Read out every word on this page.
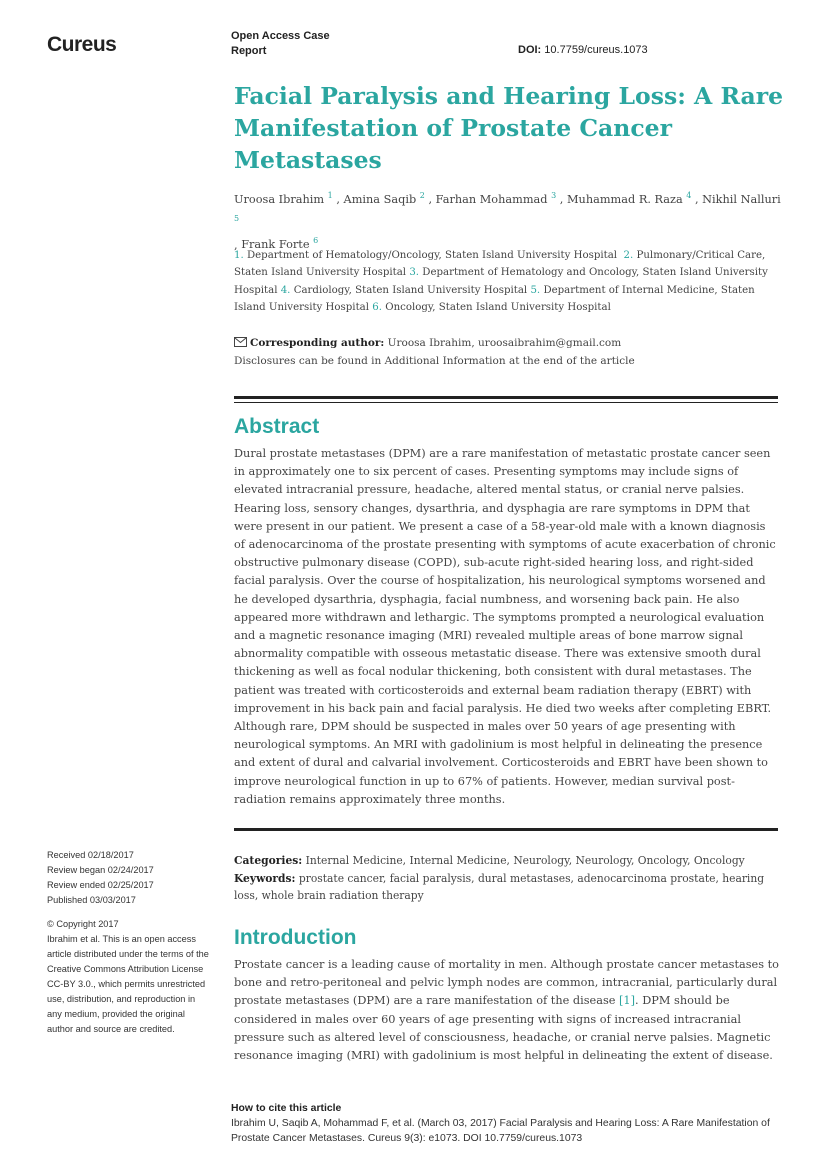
Cureus	Open Access Case Report	DOI: 10.7759/cureus.1073
Facial Paralysis and Hearing Loss: A Rare Manifestation of Prostate Cancer Metastases
Uroosa Ibrahim $^1$ , Amina Saqib $^2$ , Farhan Mohammad $^3$ , Muhammad R. Raza $^4$ , Nikhil Nalluri $^5$
, Frank Forte $^6$
1. Department of Hematology/Oncology, Staten Island University Hospital 2. Pulmonary/Critical Care, Staten Island University Hospital 3. Department of Hematology and Oncology, Staten Island University Hospital 4. Cardiology, Staten Island University Hospital 5. Department of Internal Medicine, Staten Island University Hospital 6. Oncology, Staten Island University Hospital
Corresponding author: Uroosa Ibrahim, uroosaibrahim@gmail.com
Disclosures can be found in Additional Information at the end of the article
Abstract
Dural prostate metastases (DPM) are a rare manifestation of metastatic prostate cancer seen in approximately one to six percent of cases. Presenting symptoms may include signs of elevated intracranial pressure, headache, altered mental status, or cranial nerve palsies. Hearing loss, sensory changes, dysarthria, and dysphagia are rare symptoms in DPM that were present in our patient. We present a case of a 58-year-old male with a known diagnosis of adenocarcinoma of the prostate presenting with symptoms of acute exacerbation of chronic obstructive pulmonary disease (COPD), sub-acute right-sided hearing loss, and right-sided facial paralysis. Over the course of hospitalization, his neurological symptoms worsened and he developed dysarthria, dysphagia, facial numbness, and worsening back pain. He also appeared more withdrawn and lethargic. The symptoms prompted a neurological evaluation and a magnetic resonance imaging (MRI) revealed multiple areas of bone marrow signal abnormality compatible with osseous metastatic disease. There was extensive smooth dural thickening as well as focal nodular thickening, both consistent with dural metastases. The patient was treated with corticosteroids and external beam radiation therapy (EBRT) with improvement in his back pain and facial paralysis. He died two weeks after completing EBRT. Although rare, DPM should be suspected in males over 50 years of age presenting with neurological symptoms. An MRI with gadolinium is most helpful in delineating the presence and extent of dural and calvarial involvement. Corticosteroids and EBRT have been shown to improve neurological function in up to 67% of patients. However, median survival post-radiation remains approximately three months.
Categories: Internal Medicine, Internal Medicine, Neurology, Neurology, Oncology, Oncology
Keywords: prostate cancer, facial paralysis, dural metastases, adenocarcinoma prostate, hearing loss, whole brain radiation therapy
Introduction
Prostate cancer is a leading cause of mortality in men. Although prostate cancer metastases to bone and retro-peritoneal and pelvic lymph nodes are common, intracranial, particularly dural prostate metastases (DPM) are a rare manifestation of the disease [1]. DPM should be considered in males over 60 years of age presenting with signs of increased intracranial pressure such as altered level of consciousness, headache, or cranial nerve palsies. Magnetic resonance imaging (MRI) with gadolinium is most helpful in delineating the extent of disease.
Received 02/18/2017
Review began 02/24/2017
Review ended 02/25/2017
Published 03/03/2017
© Copyright 2017
Ibrahim et al. This is an open access article distributed under the terms of the Creative Commons Attribution License CC-BY 3.0., which permits unrestricted use, distribution, and reproduction in any medium, provided the original author and source are credited.
How to cite this article
Ibrahim U, Saqib A, Mohammad F, et al. (March 03, 2017) Facial Paralysis and Hearing Loss: A Rare Manifestation of Prostate Cancer Metastases. Cureus 9(3): e1073. DOI 10.7759/cureus.1073
